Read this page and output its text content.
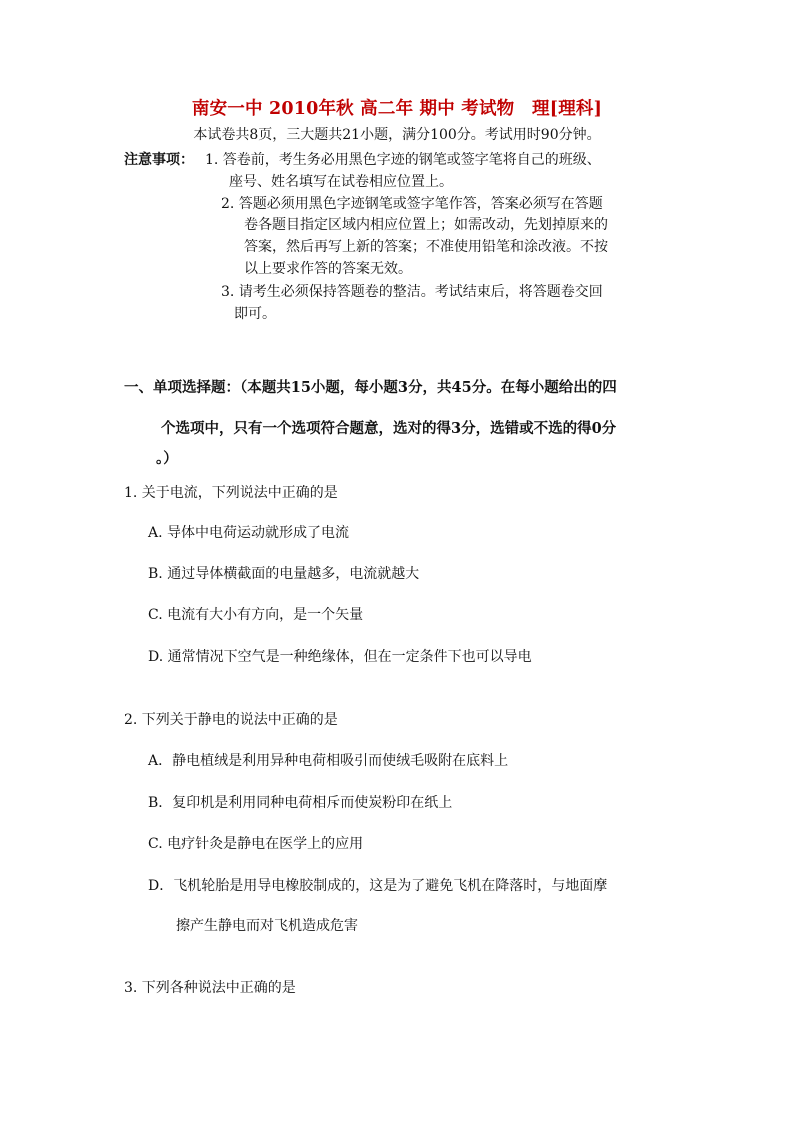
南安一中 2010年秋 高二年 期中 考试物　理[理科]
本试卷共8页，三大题共21小题，满分100分。考试用时90分钟。
注意事项： 1. 答卷前，考生务必用黑色字迹的钢笔或签字笔将自己的班级、
座号、姓名填写在试卷相应位置上。
2. 答题必须用黑色字迹钢笔或签字笔作答，答案必须写在答题
卷各题目指定区域内相应位置上；如需改动，先划掉原来的
答案，然后再写上新的答案；不准使用铅笔和涂改液。不按
以上要求作答的答案无效。
3. 请考生必须保持答题卷的整洁。考试结束后，将答题卷交回
即可。
一、单项选择题：（本题共15小题，每小题3分，共45分。在每小题给出的四
个选项中，只有一个选项符合题意，选对的得3分，选错或不选的得0分
。）
1. 关于电流，下列说法中正确的是
A. 导体中电荷运动就形成了电流
B. 通过导体横截面的电量越多，电流就越大
C. 电流有大小有方向，是一个矢量
D. 通常情况下空气是一种绝缘体，但在一定条件下也可以导电
2. 下列关于静电的说法中正确的是
A．静电植绒是利用异种电荷相吸引而使绒毛吸附在底料上
B．复印机是利用同种电荷相斥而使炭粉印在纸上
C. 电疗针灸是静电在医学上的应用
D．飞机轮胎是用导电橡胶制成的，这是为了避免飞机在降落时，与地面摩
擦产生静电而对飞机造成危害
3. 下列各种说法中正确的是
